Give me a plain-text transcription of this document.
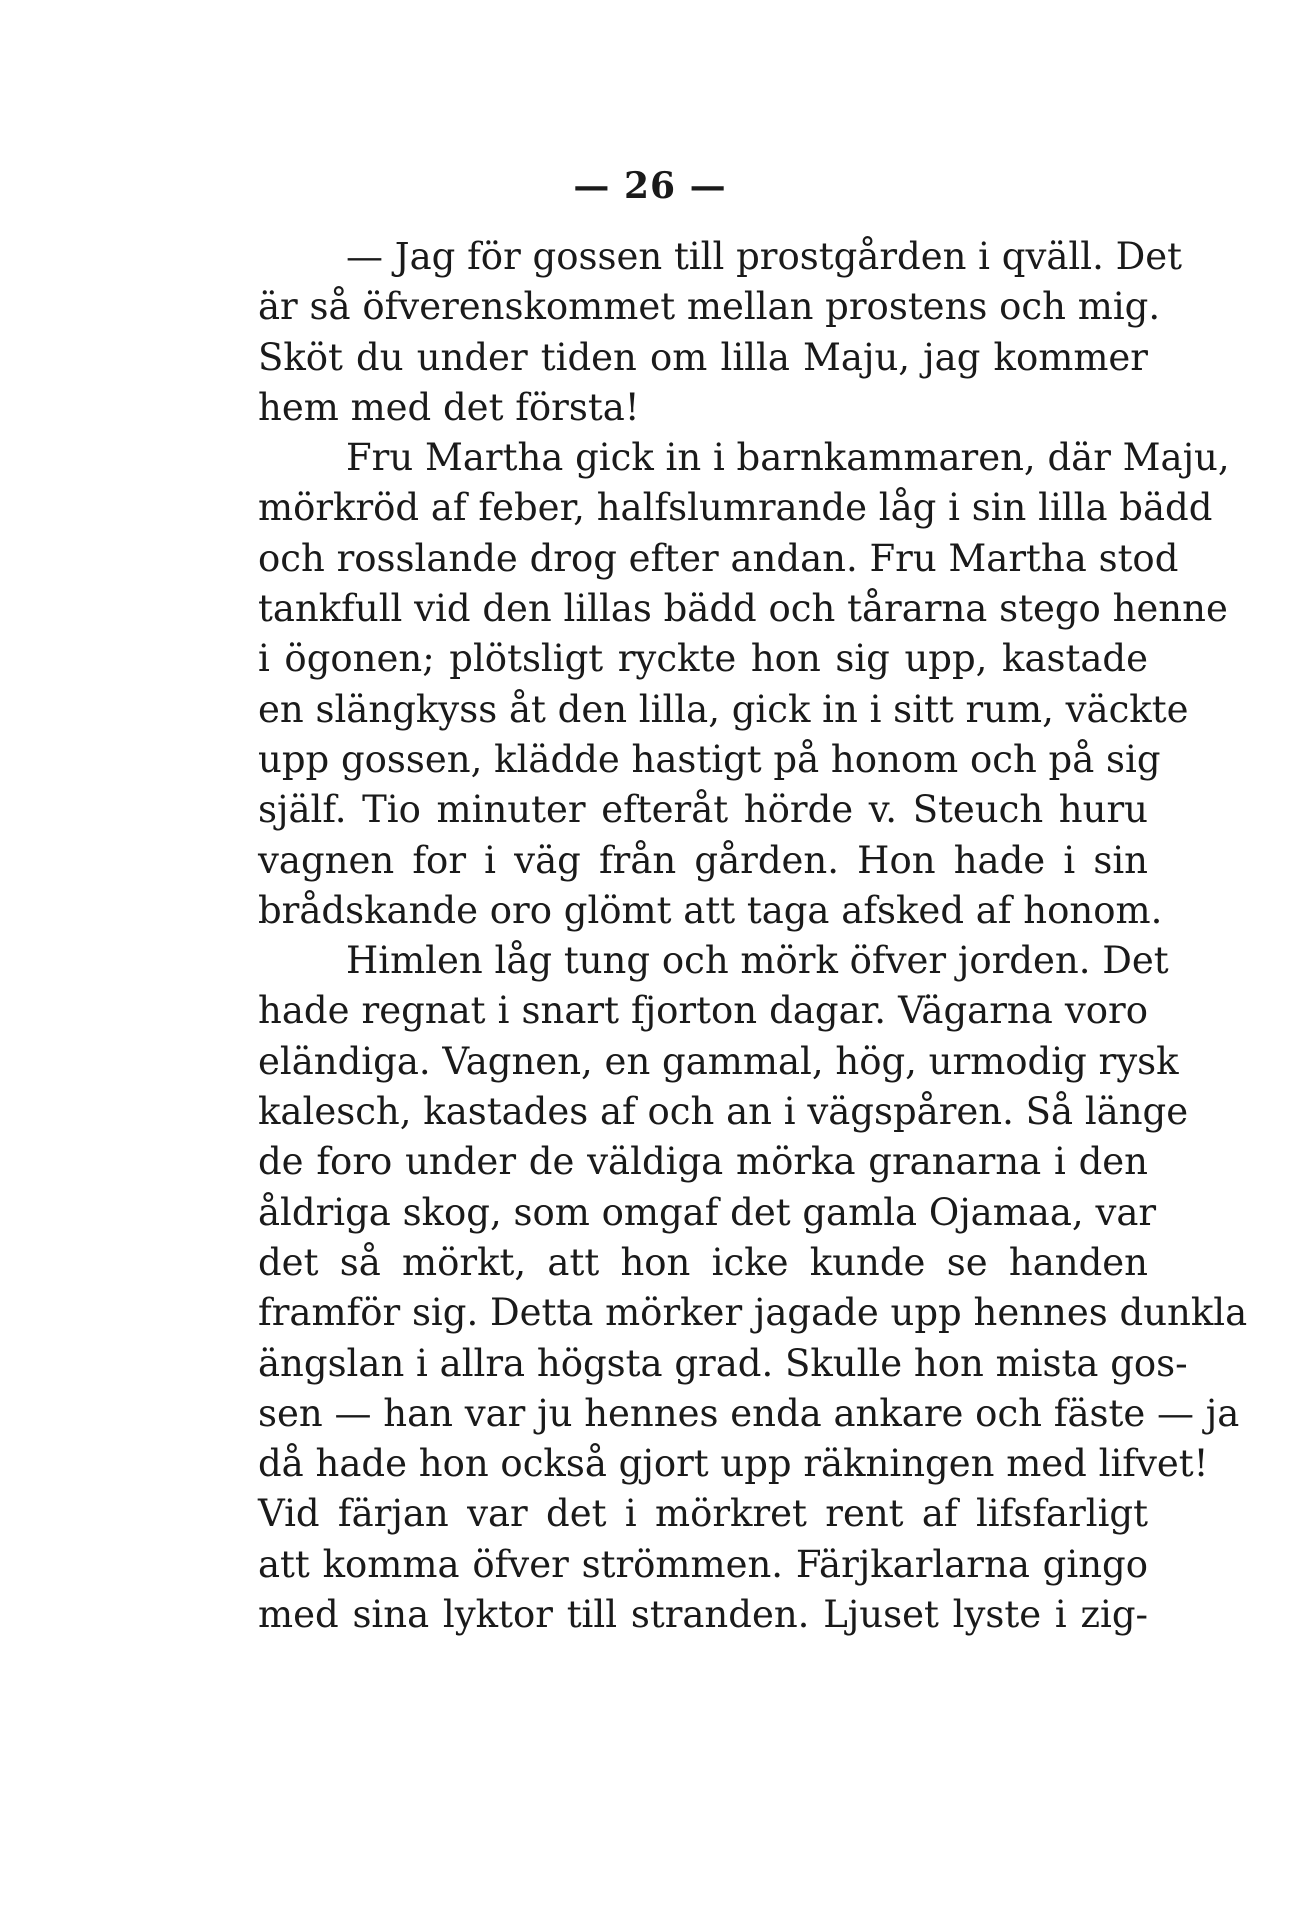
— 26 —
— Jag för gossen till prostgården i qväll. Det
är så öfverenskommet mellan prostens och mig.
Sköt du under tiden om lilla Maju, jag kommer
hem med det första!
Fru Martha gick in i barnkammaren, där Maju,
mörkröd af feber, halfslumrande låg i sin lilla bädd
och rosslande drog efter andan. Fru Martha stod
tankfull vid den lillas bädd och tårarna stego henne
i ögonen; plötsligt ryckte hon sig upp, kastade
en slängkyss åt den lilla, gick in i sitt rum, väckte
upp gossen, klädde hastigt på honom och på sig
själf. Tio minuter efteråt hörde v. Steuch huru
vagnen for i väg från gården. Hon hade i sin
brådskande oro glömt att taga afsked af honom.
Himlen låg tung och mörk öfver jorden. Det
hade regnat i snart fjorton dagar. Vägarna voro
eländiga. Vagnen, en gammal, hög, urmodig rysk
kalesch, kastades af och an i vägspåren. Så länge
de foro under de väldiga mörka granarna i den
åldriga skog, som omgaf det gamla Ojamaa, var
det så mörkt, att hon icke kunde se handen
framför sig. Detta mörker jagade upp hennes dunkla
ängslan i allra högsta grad. Skulle hon mista gos-
sen — han var ju hennes enda ankare och fäste — ja
då hade hon också gjort upp räkningen med lifvet!
Vid färjan var det i mörkret rent af lifsfarligt
att komma öfver strömmen. Färjkarlarna gingo
med sina lyktor till stranden. Ljuset lyste i zig-
